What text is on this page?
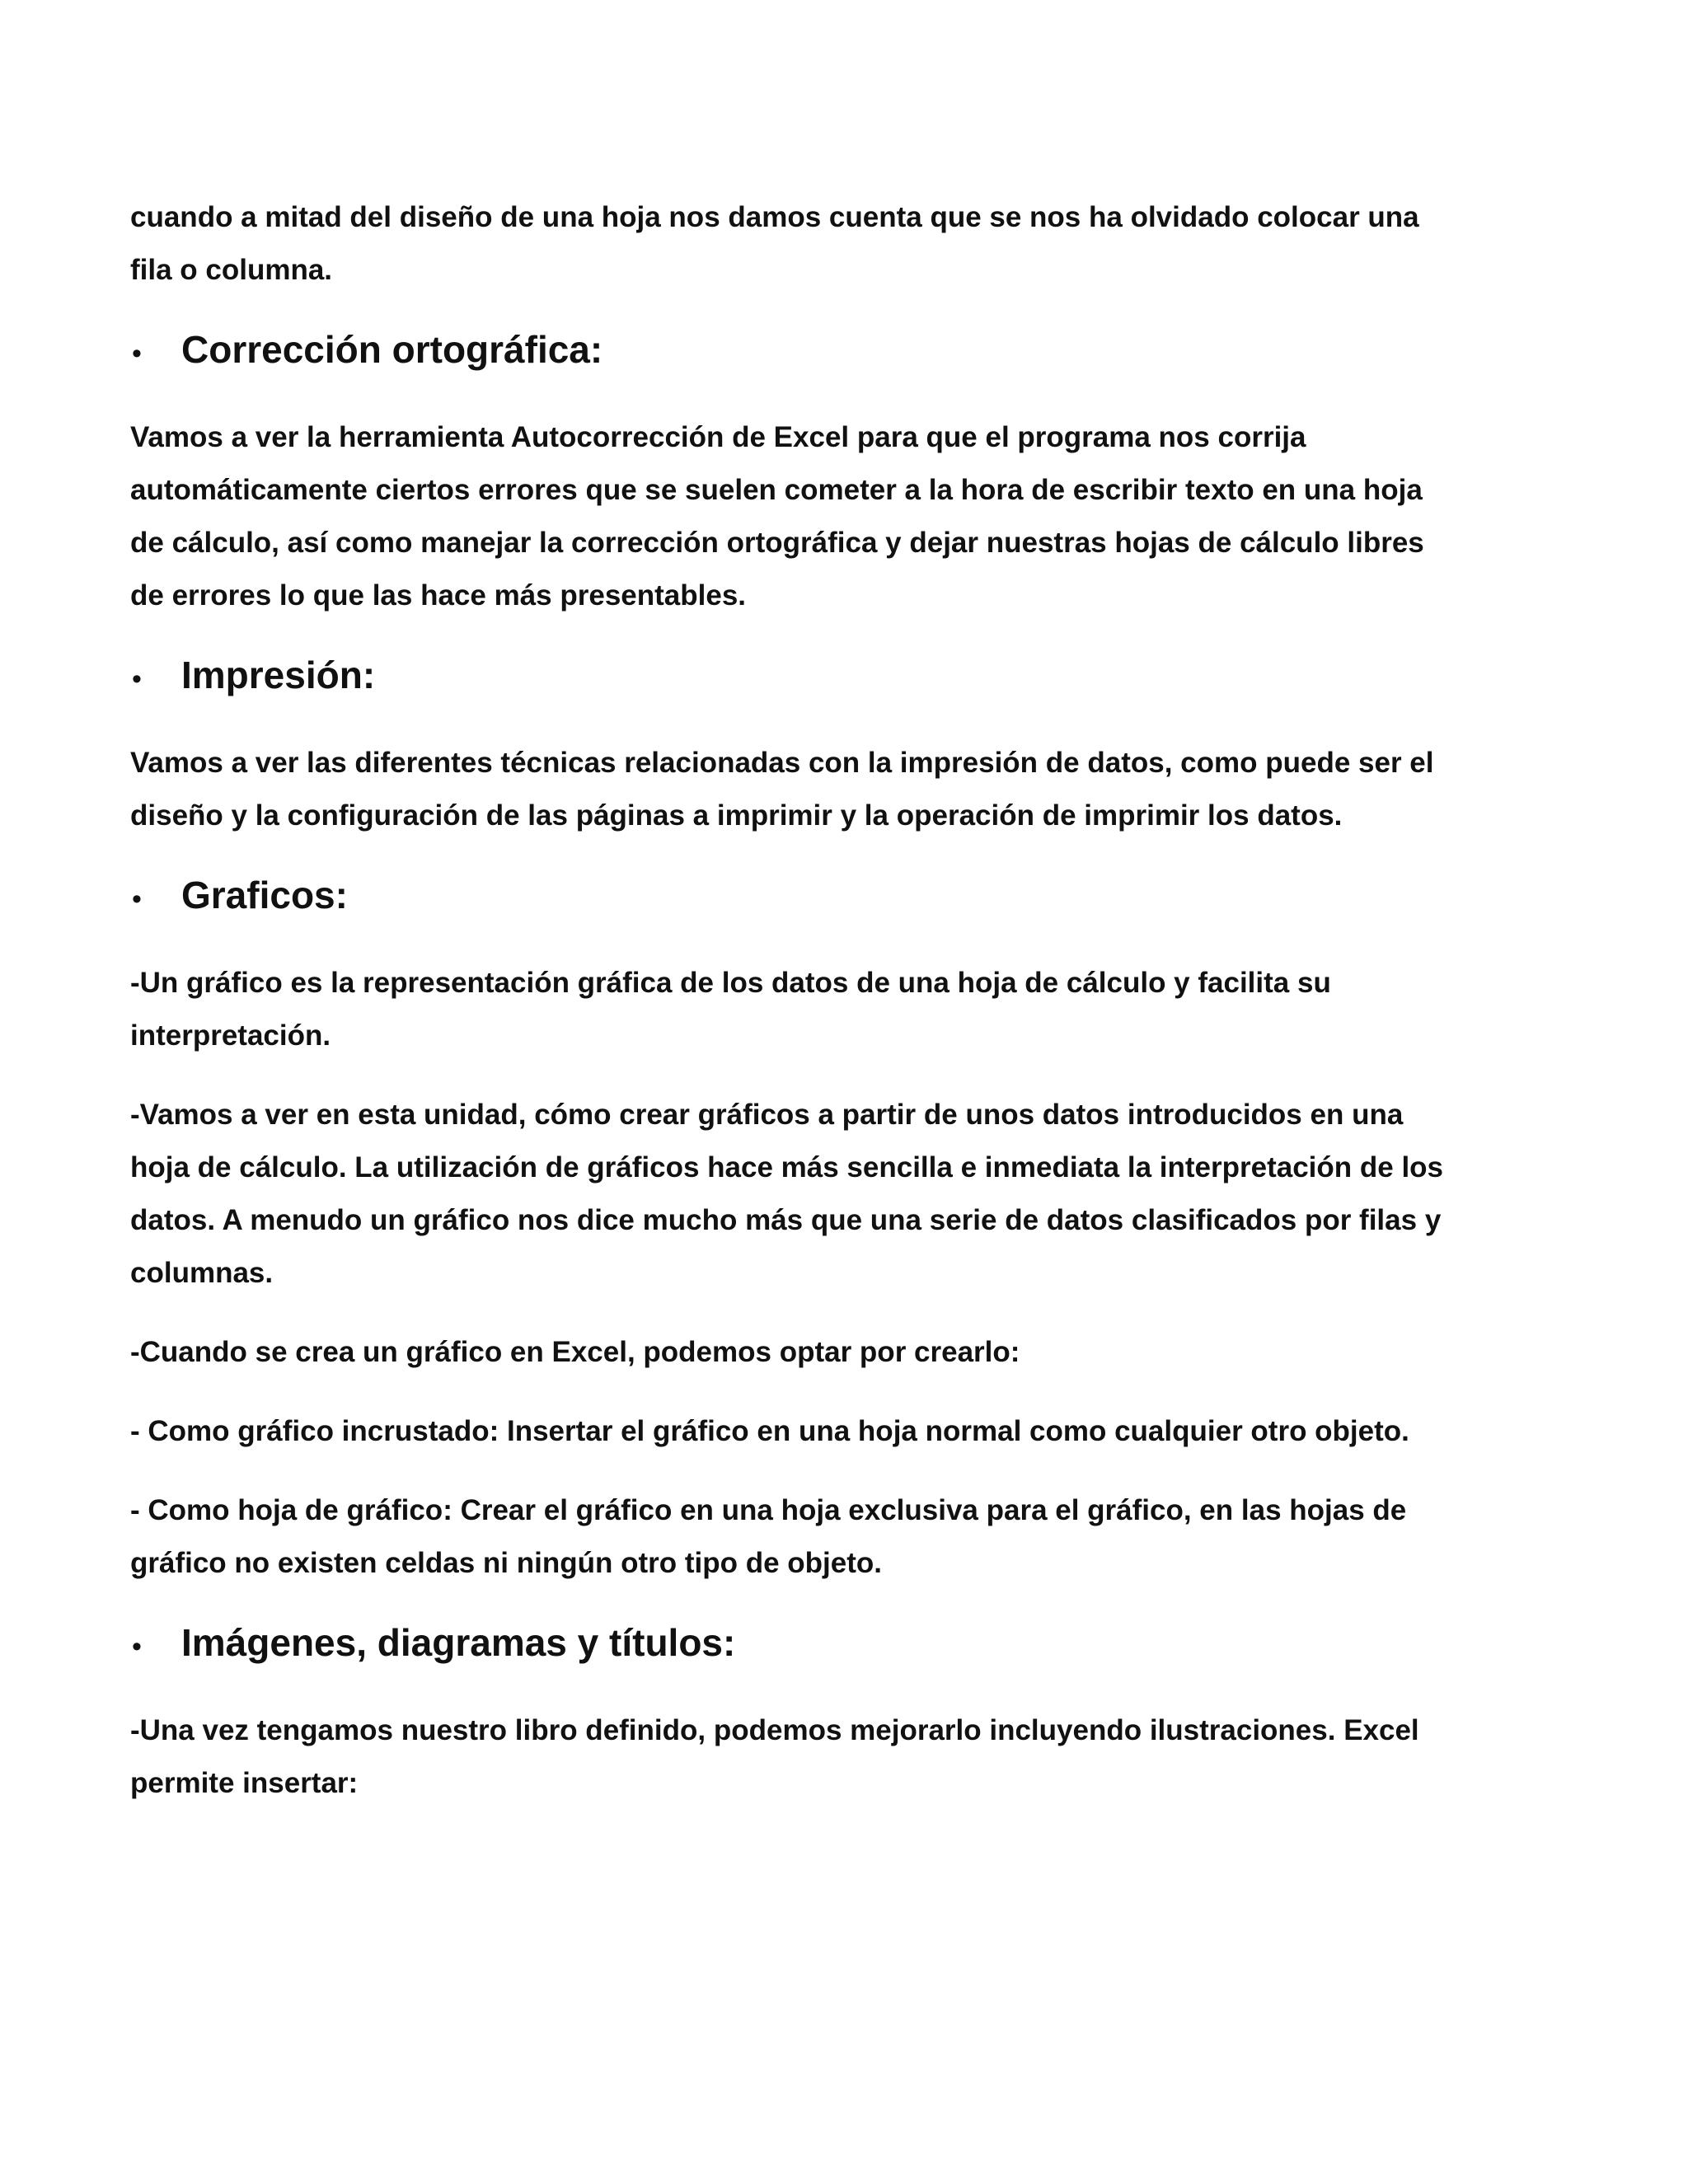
cuando a mitad del diseño de una hoja nos damos cuenta que se nos ha olvidado colocar una fila o columna.

•	Corrección ortográfica:

Vamos a ver la herramienta Autocorrección de Excel para que el programa nos corrija automáticamente ciertos errores que se suelen cometer a la hora de escribir texto en una hoja de cálculo, así como manejar la corrección ortográfica y dejar nuestras hojas de cálculo libres de errores lo que las hace más presentables.

•	Impresión:

Vamos a ver las diferentes técnicas relacionadas con la impresión de datos, como puede ser el diseño y la configuración de las páginas a imprimir y la operación de imprimir los datos.

•	Graficos:

-Un gráfico es la representación gráfica de los datos de una hoja de cálculo y facilita su interpretación.

-Vamos a ver en esta unidad, cómo crear gráficos a partir de unos datos introducidos en una hoja de cálculo. La utilización de gráficos hace más sencilla e inmediata la interpretación de los datos. A menudo un gráfico nos dice mucho más que una serie de datos clasificados por filas y columnas.

-Cuando se crea un gráfico en Excel, podemos optar por crearlo:

- Como gráfico incrustado: Insertar el gráfico en una hoja normal como cualquier otro objeto.

- Como hoja de gráfico: Crear el gráfico en una hoja exclusiva para el gráfico, en las hojas de gráfico no existen celdas ni ningún otro tipo de objeto.

•	Imágenes, diagramas y títulos:

-Una vez tengamos nuestro libro definido, podemos mejorarlo incluyendo ilustraciones. Excel permite insertar:
